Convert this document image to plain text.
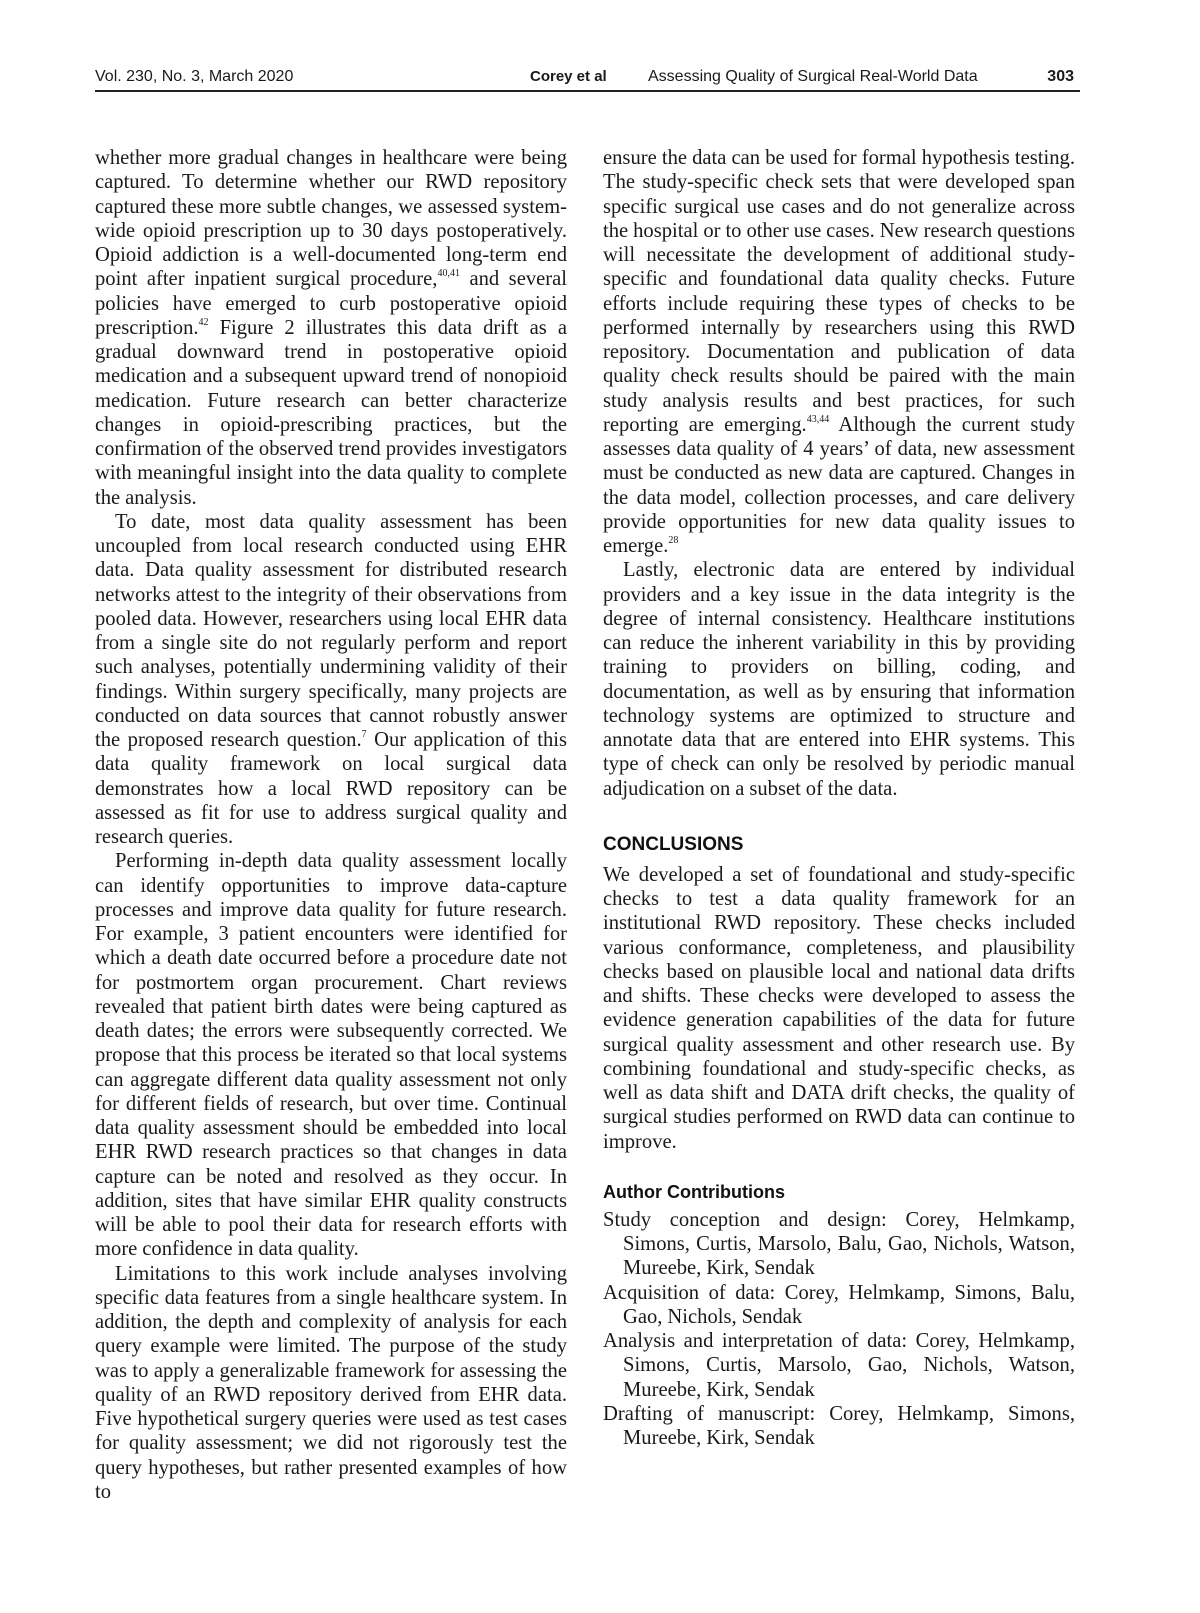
Vol. 230, No. 3, March 2020	Corey et al	Assessing Quality of Surgical Real-World Data	303

whether more gradual changes in healthcare were being captured. To determine whether our RWD repository captured these more subtle changes, we assessed system-wide opioid prescription up to 30 days postoperatively. Opioid addiction is a well-documented long-term end point after inpatient surgical procedure,$^{40,41}$ and several policies have emerged to curb postoperative opioid prescription.$^{42}$ Figure 2 illustrates this data drift as a gradual downward trend in postoperative opioid medication and a subsequent upward trend of nonopioid medication. Future research can better characterize changes in opioid-prescribing practices, but the confirmation of the observed trend provides investigators with meaningful insight into the data quality to complete the analysis.

To date, most data quality assessment has been uncoupled from local research conducted using EHR data. Data quality assessment for distributed research networks attest to the integrity of their observations from pooled data. However, researchers using local EHR data from a single site do not regularly perform and report such analyses, potentially undermining validity of their findings. Within surgery specifically, many projects are conducted on data sources that cannot robustly answer the proposed research question.$^7$ Our application of this data quality framework on local surgical data demonstrates how a local RWD repository can be assessed as fit for use to address surgical quality and research queries.

Performing in-depth data quality assessment locally can identify opportunities to improve data-capture processes and improve data quality for future research. For example, 3 patient encounters were identified for which a death date occurred before a procedure date not for postmortem organ procurement. Chart reviews revealed that patient birth dates were being captured as death dates; the errors were subsequently corrected. We propose that this process be iterated so that local systems can aggregate different data quality assessment not only for different fields of research, but over time. Continual data quality assessment should be embedded into local EHR RWD research practices so that changes in data capture can be noted and resolved as they occur. In addition, sites that have similar EHR quality constructs will be able to pool their data for research efforts with more confidence in data quality.

Limitations to this work include analyses involving specific data features from a single healthcare system. In addition, the depth and complexity of analysis for each query example were limited. The purpose of the study was to apply a generalizable framework for assessing the quality of an RWD repository derived from EHR data. Five hypothetical surgery queries were used as test cases for quality assessment; we did not rigorously test the query hypotheses, but rather presented examples of how to

ensure the data can be used for formal hypothesis testing. The study-specific check sets that were developed span specific surgical use cases and do not generalize across the hospital or to other use cases. New research questions will necessitate the development of additional study-specific and foundational data quality checks. Future efforts include requiring these types of checks to be performed internally by researchers using this RWD repository. Documentation and publication of data quality check results should be paired with the main study analysis results and best practices, for such reporting are emerging.$^{43,44}$ Although the current study assesses data quality of 4 years’ of data, new assessment must be conducted as new data are captured. Changes in the data model, collection processes, and care delivery provide opportunities for new data quality issues to emerge.$^{28}$

Lastly, electronic data are entered by individual providers and a key issue in the data integrity is the degree of internal consistency. Healthcare institutions can reduce the inherent variability in this by providing training to providers on billing, coding, and documentation, as well as by ensuring that information technology systems are optimized to structure and annotate data that are entered into EHR systems. This type of check can only be resolved by periodic manual adjudication on a subset of the data.

CONCLUSIONS

We developed a set of foundational and study-specific checks to test a data quality framework for an institutional RWD repository. These checks included various conformance, completeness, and plausibility checks based on plausible local and national data drifts and shifts. These checks were developed to assess the evidence generation capabilities of the data for future surgical quality assessment and other research use. By combining foundational and study-specific checks, as well as data shift and DATA drift checks, the quality of surgical studies performed on RWD data can continue to improve.

Author Contributions
Study conception and design: Corey, Helmkamp, Simons, Curtis, Marsolo, Balu, Gao, Nichols, Watson, Mureebe, Kirk, Sendak
Acquisition of data: Corey, Helmkamp, Simons, Balu, Gao, Nichols, Sendak
Analysis and interpretation of data: Corey, Helmkamp, Simons, Curtis, Marsolo, Gao, Nichols, Watson, Mureebe, Kirk, Sendak
Drafting of manuscript: Corey, Helmkamp, Simons, Mureebe, Kirk, Sendak
